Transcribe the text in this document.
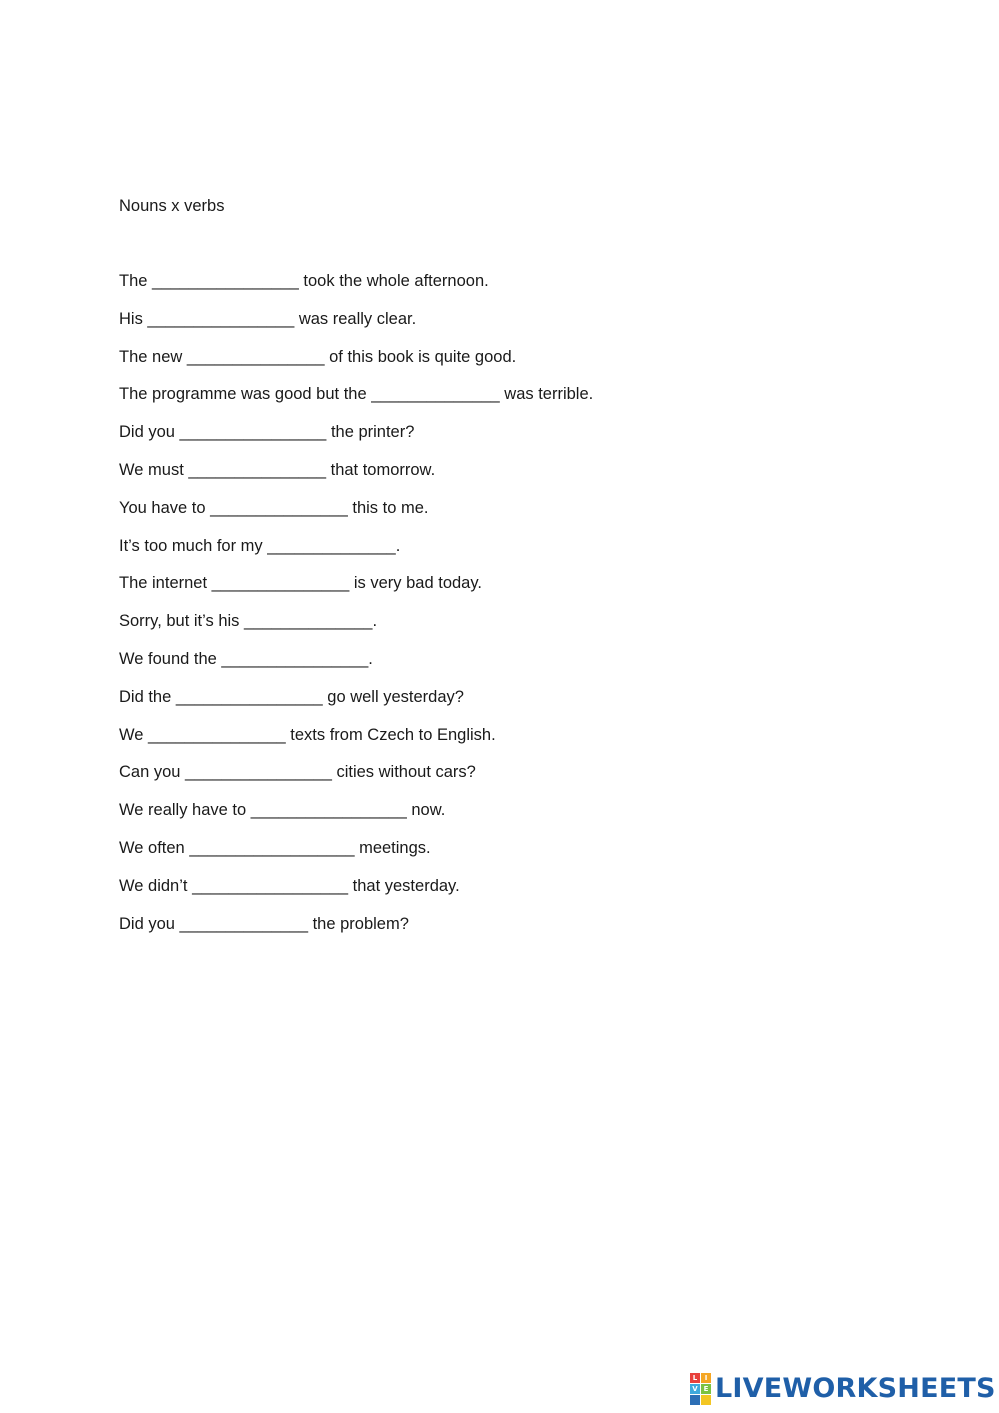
Nouns x verbs
The ________________ took the whole afternoon.
His ________________ was really clear.
The new _______________ of this book is quite good.
The programme was good but the ______________ was terrible.
Did you ________________ the printer?
We must _______________ that tomorrow.
You have to _______________ this to me.
It’s too much for my ______________.
The internet _______________ is very bad today.
Sorry, but it’s his ______________.
We found the ________________.
Did the ________________ go well yesterday?
We _______________ texts from Czech to English.
Can you ________________ cities without cars?
We really have to _________________ now.
We often __________________ meetings.
We didn’t _________________ that yesterday.
Did you ______________ the problem?
L	I
V E LIVEWORKSHEETS
